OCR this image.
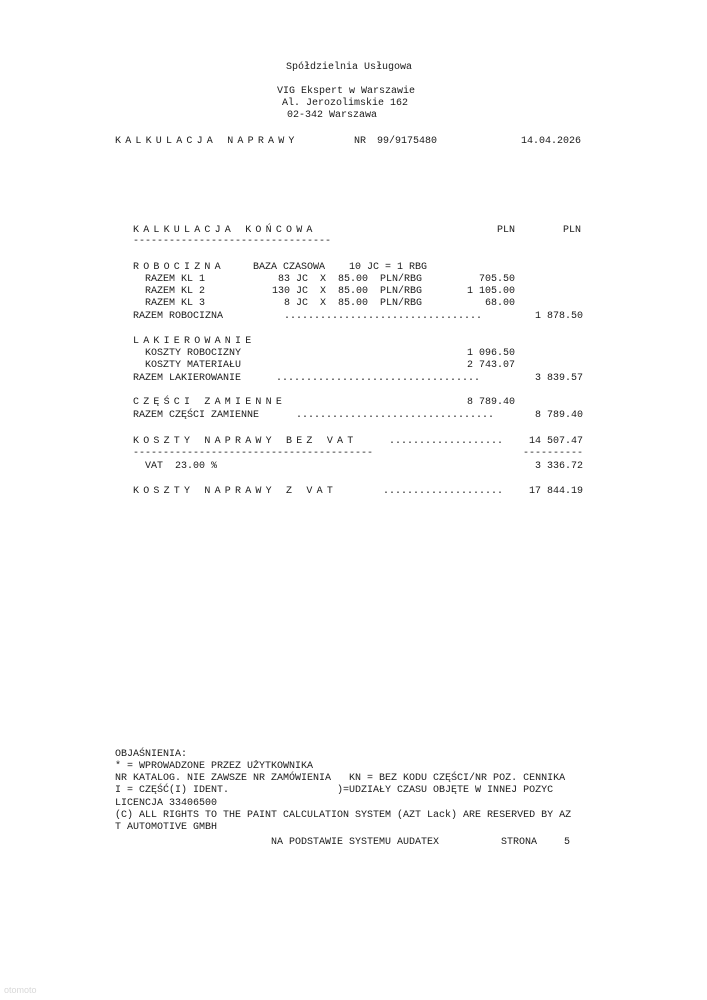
Spółdzielnia Usługowa
VIG Ekspert w Warszawie
Al. Jerozolimskie 162
02-342 Warszawa
KALKULACJA NAPRAWY	NR 99/9175480	14.04.2026
KALKULACJA KOŃCOWA	PLN	PLN
---------------------------------
ROBOCIZNA	BAZA CZASOWA    10 JC = 1 RBG
RAZEM KL 1	83 JC  X  85.00  PLN/RBG	705.50
RAZEM KL 2	130 JC  X  85.00  PLN/RBG	1 105.00
RAZEM KL 3	8 JC  X  85.00  PLN/RBG	68.00
RAZEM ROBOCIZNA	.................................	1 878.50
LAKIEROWANIE
KOSZTY ROBOCIZNY	1 096.50
KOSZTY MATERIAŁU	2 743.07
RAZEM LAKIEROWANIE	..................................	3 839.57
CZĘŚCI ZAMIENNE	8 789.40
RAZEM CZĘŚCI ZAMIENNE	.................................	8 789.40
KOSZTY NAPRAWY BEZ VAT	...................	14 507.47
----------------------------------------	----------
VAT  23.00 %	3 336.72
KOSZTY NAPRAWY Z VAT	....................	17 844.19
OBJAŚNIENIA:
* = WPROWADZONE PRZEZ UŻYTKOWNIKA
NR KATALOG. NIE ZAWSZE NR ZAMÓWIENIA   KN = BEZ KODU CZĘŚCI/NR POZ. CENNIKA
I = CZĘŚĆ(I) IDENT.                  )=UDZIAŁY CZASU OBJĘTE W INNEJ POZYC
LICENCJA 33406500
(C) ALL RIGHTS TO THE PAINT CALCULATION SYSTEM (AZT Lack) ARE RESERVED BY AZ
T AUTOMOTIVE GMBH
NA PODSTAWIE SYSTEMU AUDATEX	STRONA	5
otomoto
